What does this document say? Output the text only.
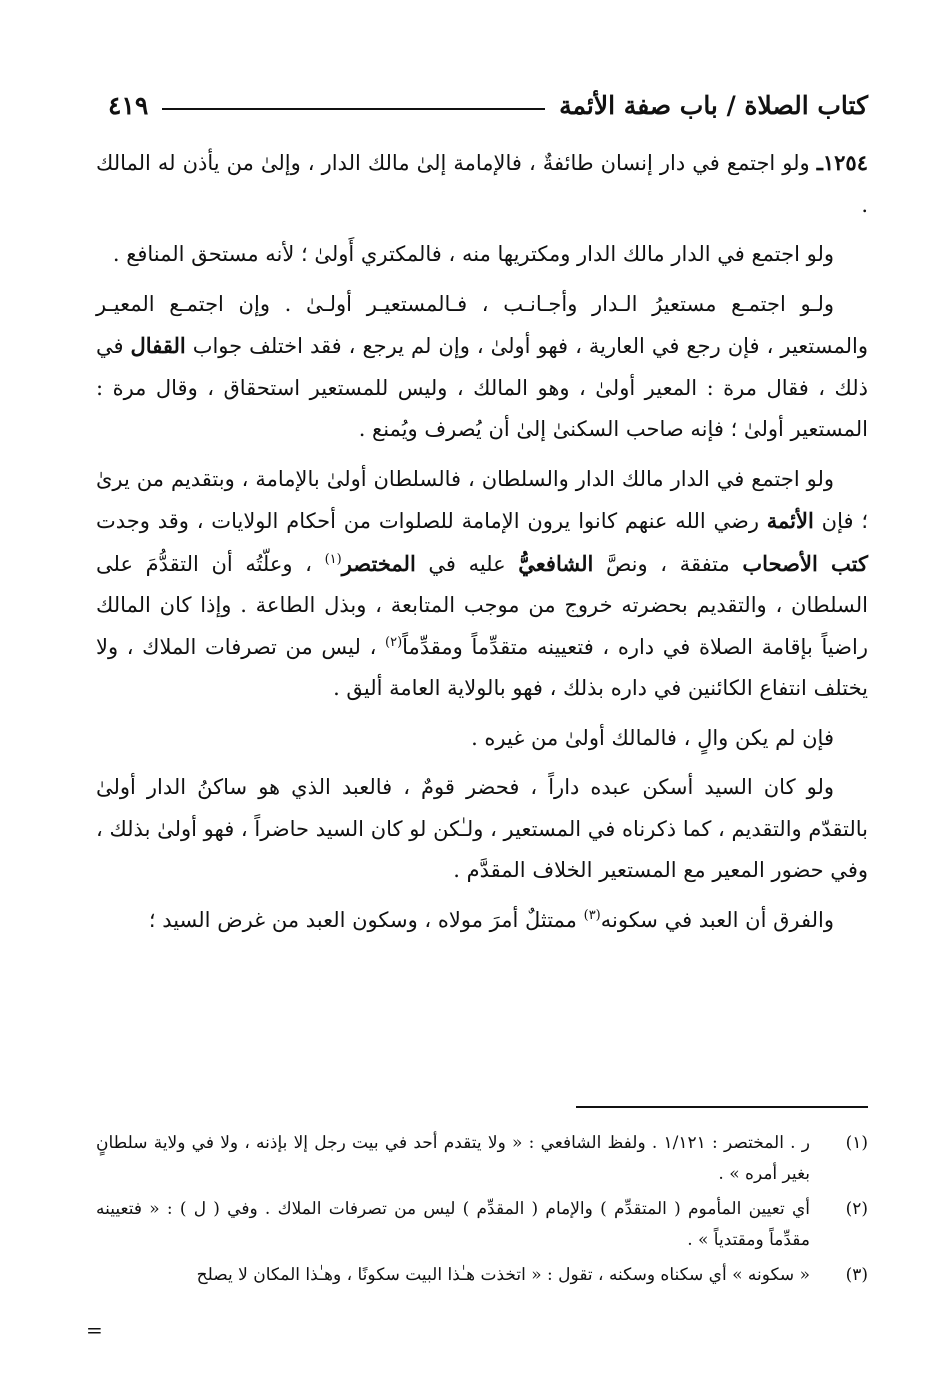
كتاب الصلاة / باب صفة الأئمة
٤١٩

١٢٥٤ـ ولو اجتمع في دار إنسان طائفةٌ ، فالإمامة إلىٰ مالك الدار ، وإلىٰ من يأذن له المالك .

ولو اجتمع في الدار مالك الدار ومكتريها منه ، فالمكتري أَولىٰ ؛ لأنه مستحق المنافع .

ولـو اجتمـع مستعيرُ الـدار وأجـانـب ، فـالمستعيـر أولـىٰ . وإن اجتمـع المعيـر والمستعير ، فإن رجع في العارية ، فهو أولىٰ ، وإن لم يرجع ، فقد اختلف جواب القفال في ذلك ، فقال مرة : المعير أولىٰ ، وهو المالك ، وليس للمستعير استحقاق ، وقال مرة : المستعير أولىٰ ؛ فإنه صاحب السكنىٰ إلىٰ أن يُصرف ويُمنع .

ولو اجتمع في الدار مالك الدار والسلطان ، فالسلطان أولىٰ بالإمامة ، وبتقديم من يرىٰ ؛ فإن الأئمة رضي الله عنهم كانوا يرون الإمامة للصلوات من أحكام الولايات ، وقد وجدت كتب الأصحاب متفقة ، ونصَّ الشافعيُّ عليه في المختصر$^{(١)}$ ، وعلّتُه أن التقدُّمَ على السلطان ، والتقديم بحضرته خروج من موجب المتابعة ، وبذل الطاعة . وإذا كان المالك راضياً بإقامة الصلاة في داره ، فتعيينه متقدِّماً ومقدِّماً$^{(٢)}$ ، ليس من تصرفات الملاك ، ولا يختلف انتفاع الكائنين في داره بذلك ، فهو بالولاية العامة أليق .

فإن لم يكن والٍ ، فالمالك أولىٰ من غيره .

ولو كان السيد أسكن عبده داراً ، فحضر قومٌ ، فالعبد الذي هو ساكنُ الدار أولىٰ بالتقدّم والتقديم ، كما ذكرناه في المستعير ، ولـٰكن لو كان السيد حاضراً ، فهو أولىٰ بذلك ، وفي حضور المعير مع المستعير الخلاف المقدَّم .

والفرق أن العبد في سكونه$^{(٣)}$ ممتثلٌ أمرَ مولاه ، وسكون العبد من غرض السيد ؛

(١)
ر . المختصر : ١/١٢١ . ولفظ الشافعي : « ولا يتقدم أحد في بيت رجل إلا بإذنه ، ولا في ولاية سلطانٍ بغير أمره » .
(٢)
أي تعيين المأموم ( المتقدِّم ) والإمام ( المقدِّم ) ليس من تصرفات الملاك . وفي ( ل ) : « فتعيينه مقدِّماً ومقتدياً » .
(٣)
« سكونه » أي سكناه وسكنه ، تقول : « اتخذت هـٰذا البيت سكونًا ، وهـٰذا المكان لا يصلح
=
